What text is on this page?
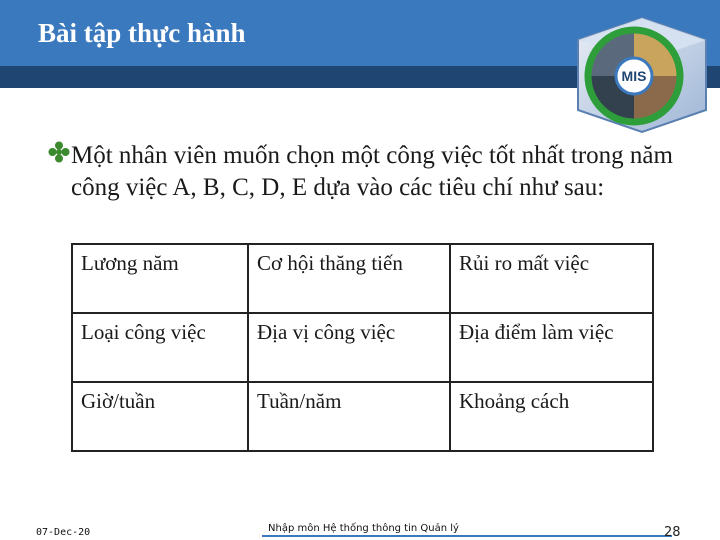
Bài tập thực hành
MIS
Một nhân viên muốn chọn một công việc tốt nhất trong năm công việc A, B, C, D, E dựa vào các tiêu chí như sau:
Lương năm	Cơ hội thăng tiến	Rủi ro mất việc
Loại công việc	Địa vị công việc	Địa điểm làm việc
Giờ/tuần	Tuần/năm	Khoảng cách
07-Dec-20	Nhập môn Hệ thống thông tin Quản lý	28
